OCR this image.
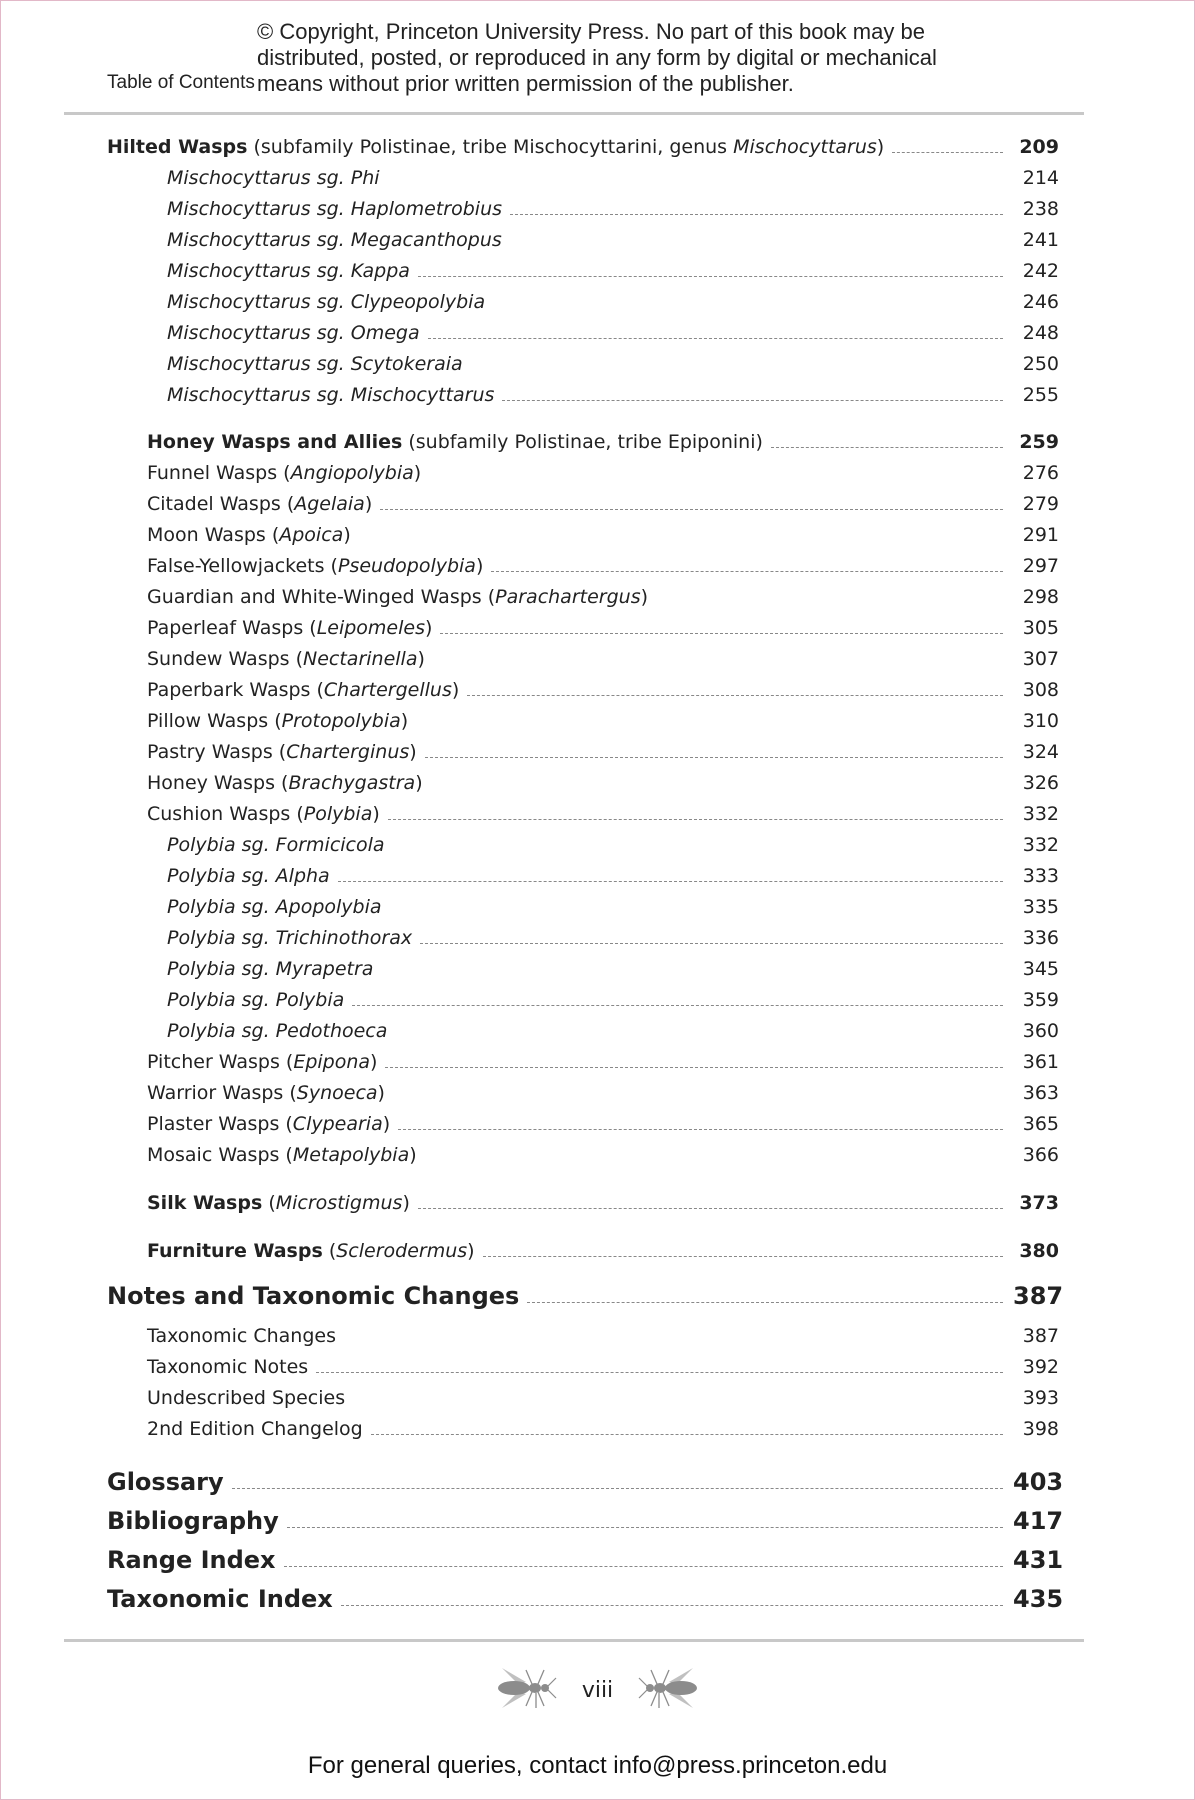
© Copyright, Princeton University Press. No part of this book may be
distributed, posted, or reproduced in any form by digital or mechanical
means without prior written permission of the publisher.
Table of Contents
Hilted Wasps (subfamily Polistinae, tribe Mischocyttarini, genus Mischocyttarus)	209
Mischocyttarus sg. Phi	214
Mischocyttarus sg. Haplometrobius	238
Mischocyttarus sg. Megacanthopus	241
Mischocyttarus sg. Kappa	242
Mischocyttarus sg. Clypeopolybia	246
Mischocyttarus sg. Omega	248
Mischocyttarus sg. Scytokeraia	250
Mischocyttarus sg. Mischocyttarus	255
Honey Wasps and Allies (subfamily Polistinae, tribe Epiponini)	259
Funnel Wasps (Angiopolybia)	276
Citadel Wasps (Agelaia)	279
Moon Wasps (Apoica)	291
False-Yellowjackets (Pseudopolybia)	297
Guardian and White-Winged Wasps (Parachartergus)	298
Paperleaf Wasps (Leipomeles)	305
Sundew Wasps (Nectarinella)	307
Paperbark Wasps (Chartergellus)	308
Pillow Wasps (Protopolybia)	310
Pastry Wasps (Charterginus)	324
Honey Wasps (Brachygastra)	326
Cushion Wasps (Polybia)	332
Polybia sg. Formicicola	332
Polybia sg. Alpha	333
Polybia sg. Apopolybia	335
Polybia sg. Trichinothorax	336
Polybia sg. Myrapetra	345
Polybia sg. Polybia	359
Polybia sg. Pedothoeca	360
Pitcher Wasps (Epipona)	361
Warrior Wasps (Synoeca)	363
Plaster Wasps (Clypearia)	365
Mosaic Wasps (Metapolybia)	366
Silk Wasps (Microstigmus)	373
Furniture Wasps (Sclerodermus)	380
Notes and Taxonomic Changes	387
Taxonomic Changes	387
Taxonomic Notes	392
Undescribed Species	393
2nd Edition Changelog	398
Glossary	403
Bibliography	417
Range Index	431
Taxonomic Index	435
viii
For general queries, contact info@press.princeton.edu
